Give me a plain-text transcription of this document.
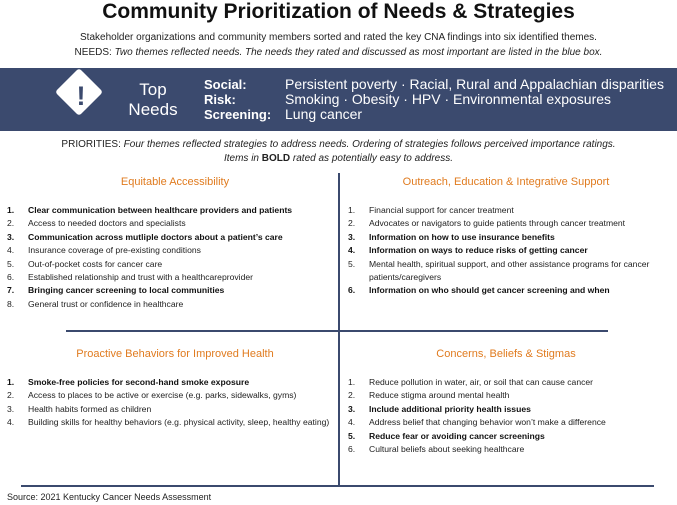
Community Prioritization of Needs & Strategies
Stakeholder organizations and community members sorted and rated the key CNA findings into six identified themes.
NEEDS: Two themes reflected needs. The needs they rated and discussed as most important are listed in the blue box.
!	Top
Needs
Social:	Persistent poverty · Racial, Rural and Appalachian disparities
Risk:	Smoking · Obesity · HPV · Environmental exposures
Screening: Lung cancer
PRIORITIES: Four themes reflected strategies to address needs. Ordering of strategies follows perceived importance ratings.
Items in BOLD rated as potentially easy to address.
Equitable Accessibility
1. Clear communication between healthcare providers and patients
2. Access to needed doctors and specialists
3. Communication across mutliple doctors about a patient’s care
4. Insurance coverage of pre-existing conditions
5. Out-of-pocket costs for cancer care
6. Established relationship and trust with a healthcareprovider
7. Bringing cancer screening to local communities
8. General trust or confidence in healthcare
Outreach, Education & Integrative Support
1. Financial support for cancer treatment
2. Advocates or navigators to guide patients through cancer treatment
3. Information on how to use insurance benefits
4. Information on ways to reduce risks of getting cancer
5. Mental health, spiritual support, and other assistance programs for cancer patients/caregivers
6. Information on who should get cancer screening and when
Proactive Behaviors for Improved Health
1. Smoke-free policies for second-hand smoke exposure
2. Access to places to be active or exercise (e.g. parks, sidewalks, gyms)
3. Health habits formed as children
4. Building skills for healthy behaviors (e.g. physical activity, sleep, healthy eating)
Concerns, Beliefs & Stigmas
1. Reduce pollution in water, air, or soil that can cause cancer
2. Reduce stigma around mental health
3. Include additional priority health issues
4. Address belief that changing behavior won’t make a difference
5. Reduce fear or avoiding cancer screenings
6. Cultural beliefs about seeking healthcare
Source: 2021 Kentucky Cancer Needs Assessment
